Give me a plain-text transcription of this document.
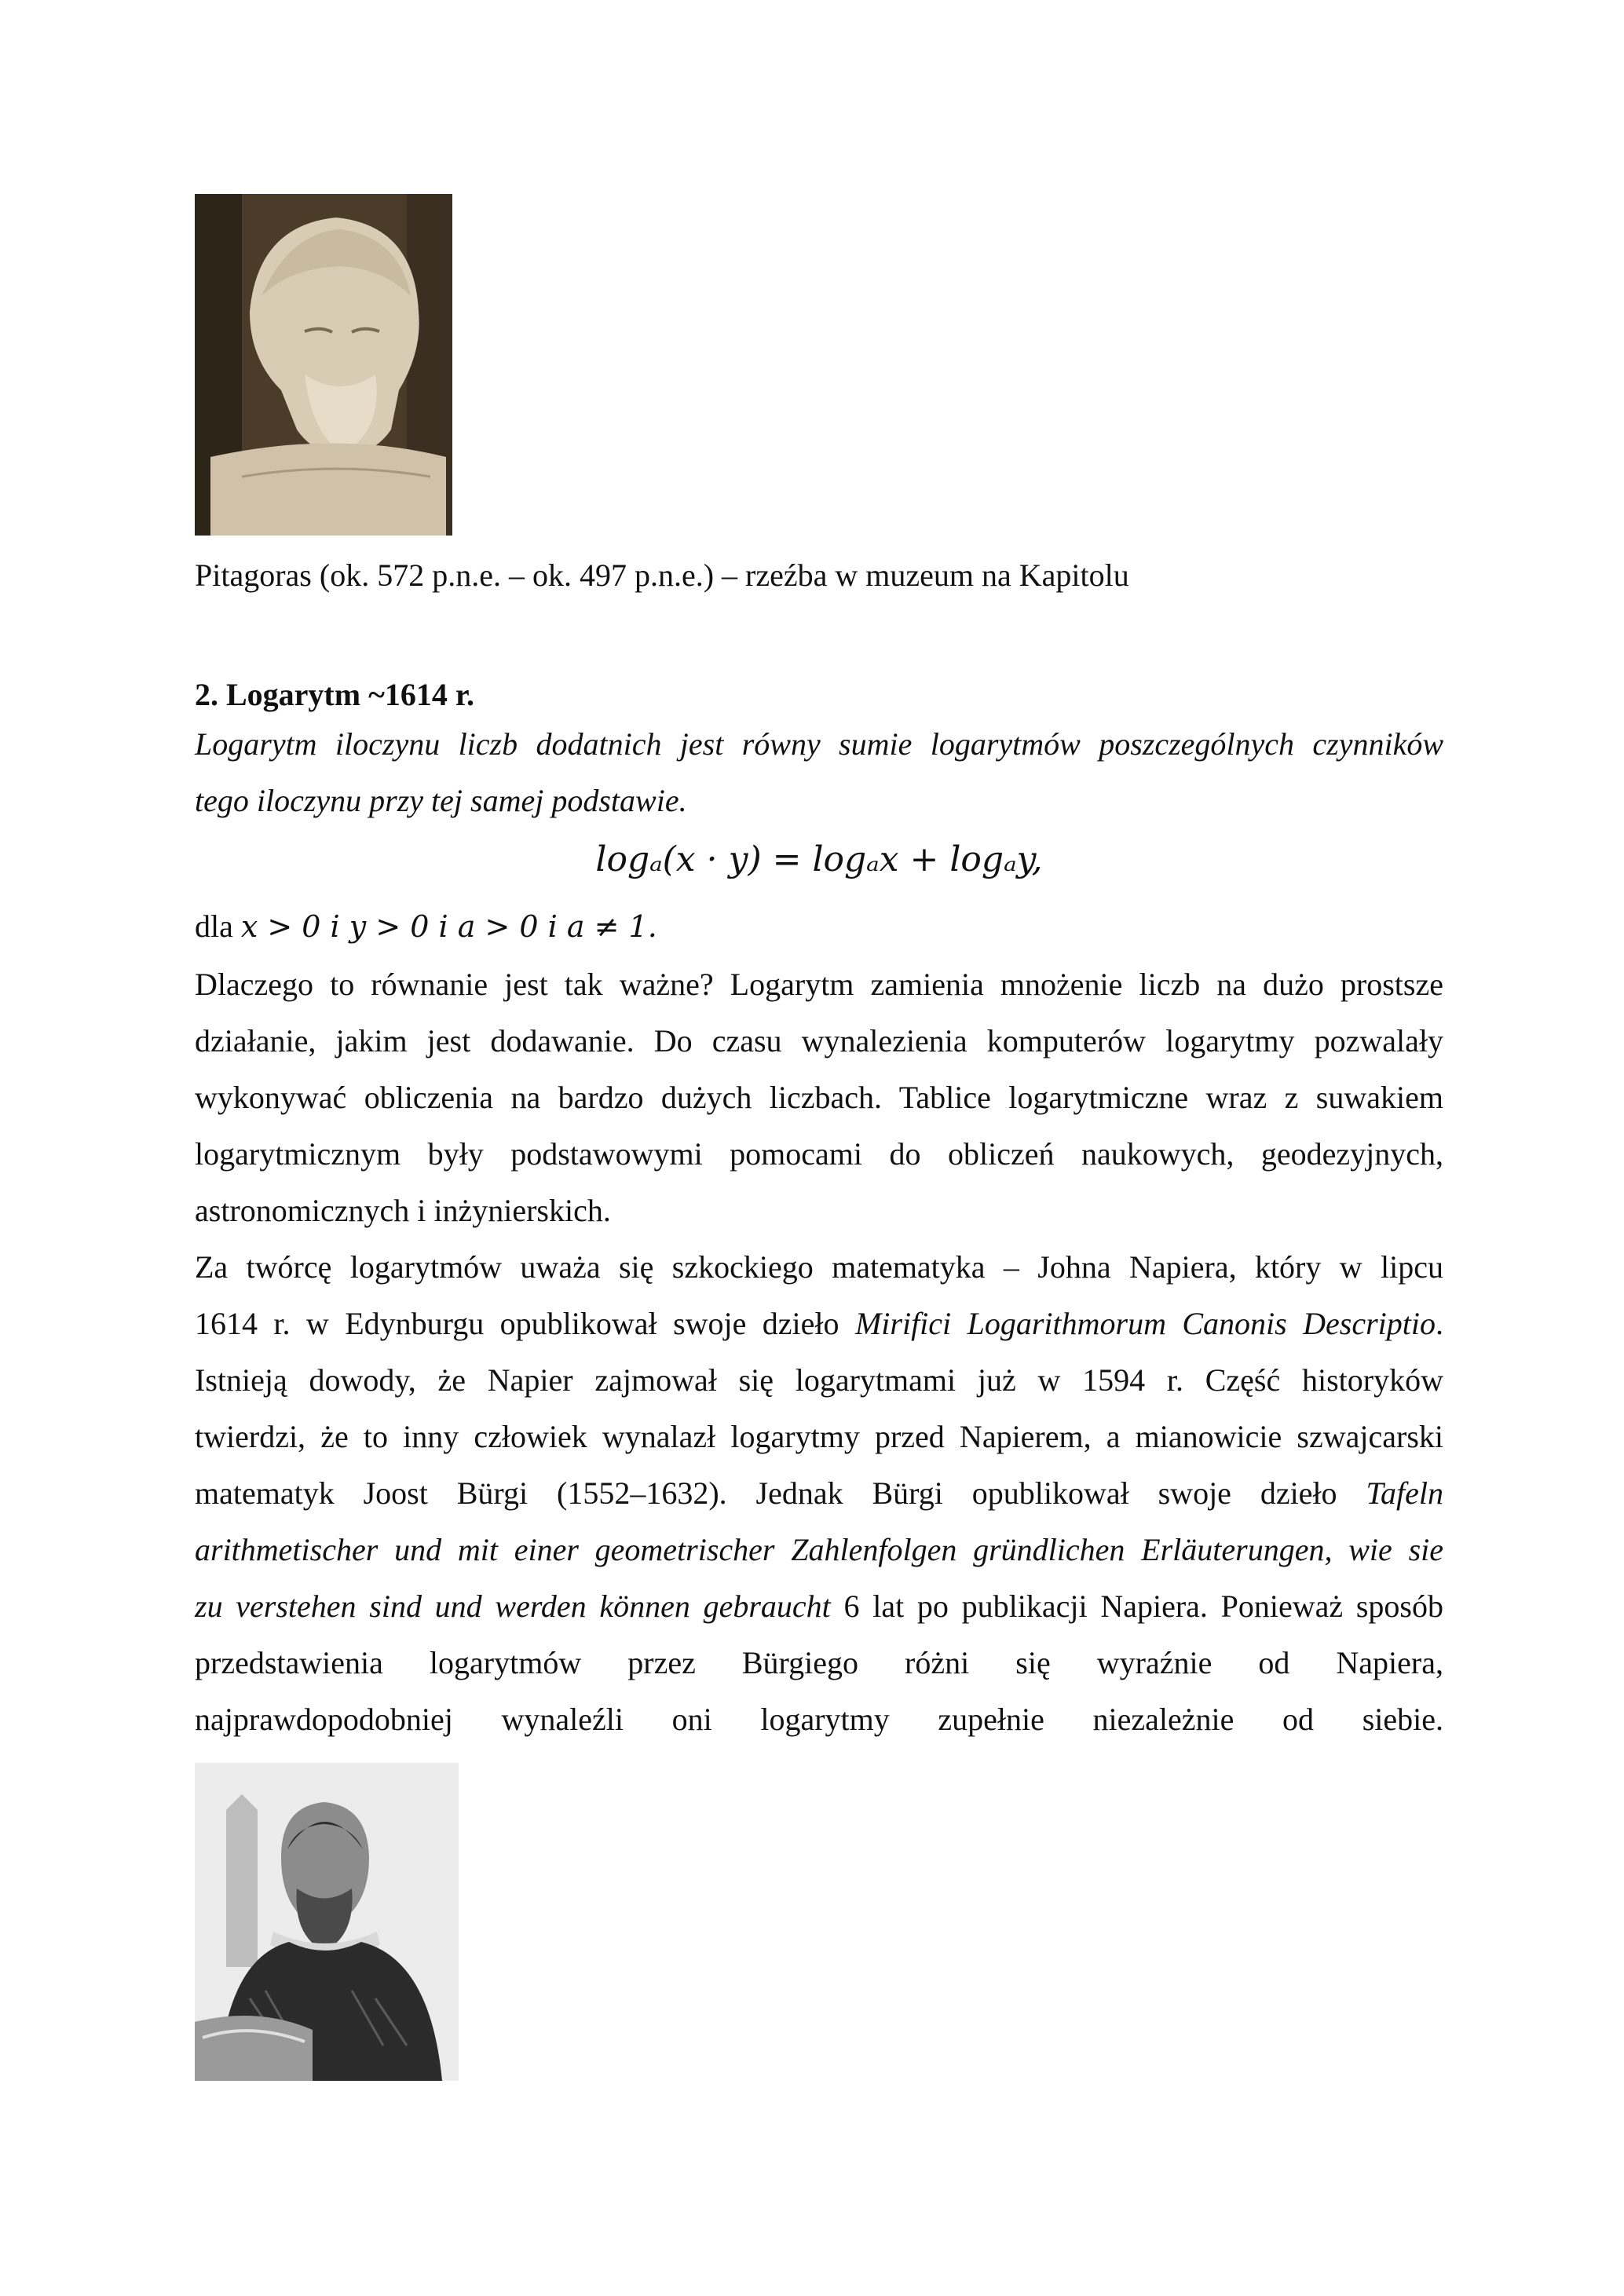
Pitagoras (ok. 572 p.n.e. – ok. 497 p.n.e.) – rzeźba w muzeum na Kapitolu
2. Logarytm ~1614 r.
Logarytm iloczynu liczb dodatnich jest równy sumie logarytmów poszczególnych czynników
tego iloczynu przy tej samej podstawie.
logₐ(x · y) = logₐx + logₐy,
dla x > 0 i y > 0 i a > 0 i a ≠ 1.
Dlaczego to równanie jest tak ważne? Logarytm zamienia mnożenie liczb na dużo prostsze
działanie, jakim jest dodawanie. Do czasu wynalezienia komputerów logarytmy pozwalały
wykonywać obliczenia na bardzo dużych liczbach. Tablice logarytmiczne wraz z suwakiem
logarytmicznym były podstawowymi pomocami do obliczeń naukowych, geodezyjnych,
astronomicznych i inżynierskich.
Za twórcę logarytmów uważa się szkockiego matematyka – Johna Napiera, który w lipcu
1614 r. w Edynburgu opublikował swoje dzieło Mirifici Logarithmorum Canonis Descriptio.
Istnieją dowody, że Napier zajmował się logarytmami już w 1594 r. Część historyków
twierdzi, że to inny człowiek wynalazł logarytmy przed Napierem, a mianowicie szwajcarski
matematyk Joost Bürgi (1552–1632). Jednak Bürgi opublikował swoje dzieło Tafeln
arithmetischer und mit einer geometrischer Zahlenfolgen gründlichen Erläuterungen, wie sie
zu verstehen sind und werden können gebraucht 6 lat po publikacji Napiera. Ponieważ sposób
przedstawienia logarytmów przez Bürgiego różni się wyraźnie od Napiera,
najprawdopodobniej wynaleźli oni logarytmy zupełnie niezależnie od siebie.
